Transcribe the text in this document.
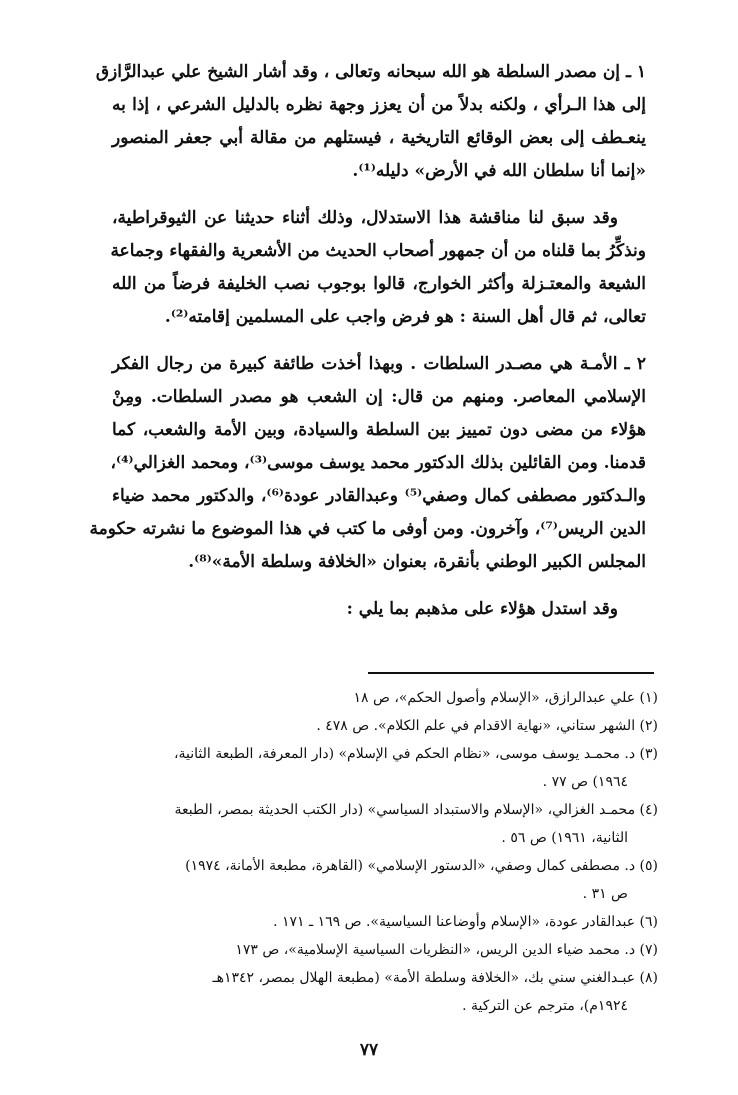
١ ـ إن مصدر السلطة هو الله سبحانه وتعالى ، وقد أشار الشيخ علي عبدالرَّازق
إلى هذا الـرأي ، ولكنه بدلاً من أن يعزز وجهة نظره بالدليل الشرعي ، إذا به
ينعـطف إلى بعض الوقائع التاريخية ، فيستلهم من مقالة أبي جعفر المنصور
«إنما أنا سلطان الله في الأرض» دليله⁽¹⁾.
وقد سبق لنا مناقشة هذا الاستدلال، وذلك أثناء حديثنا عن الثيوقراطية،
ونذكِّرُ بما قلناه من أن جمهور أصحاب الحديث من الأشعرية والفقهاء وجماعة
الشيعة والمعتـزلة وأكثر الخوارج، قالوا بوجوب نصب الخليفة فرضاً من الله
تعالى، ثم قال أهل السنة : هو فرض واجب على المسلمين إقامته⁽²⁾.
٢ ـ الأمـة هي مصـدر السلطات . وبهذا أخذت طائفة كبيرة من رجال الفكر
الإسلامي المعاصر. ومنهم من قال: إن الشعب هو مصدر السلطات. ومِنْ
هؤلاء من مضى دون تمييز بين السلطة والسيادة، وبين الأمة والشعب، كما
قدمنا. ومن القائلين بذلك الدكتور محمد يوسف موسى⁽³⁾، ومحمد الغزالي⁽⁴⁾،
والـدكتور مصطفى كمال وصفي⁽⁵⁾ وعبدالقادر عودة⁽⁶⁾، والدكتور محمد ضياء
الدين الريس⁽⁷⁾، وآخرون. ومن أوفى ما كتب في هذا الموضوع ما نشرته حكومة
المجلس الكبير الوطني بأنقرة، بعنوان «الخلافة وسلطة الأمة»⁽⁸⁾.
وقد استدل هؤلاء على مذهبم بما يلي :
(١) علي عبدالرازق، «الإسلام وأصول الحكم»، ص ١٨
(٢) الشهر ستاني، «نهاية الاقدام في علم الكلام». ص ٤٧٨ .
(٣) د. محمـد يوسف موسى، «نظام الحكم في الإسلام» (دار المعرفة، الطبعة الثانية،
١٩٦٤) ص ٧٧ .
(٤) محمـد الغزالي، «الإسلام والاستبداد السياسي» (دار الكتب الحديثة بمصر، الطبعة
الثانية، ١٩٦١) ص ٥٦ .
(٥) د. مصطفى كمال وصفي، «الدستور الإسلامي» (القاهرة، مطبعة الأمانة، ١٩٧٤)
ص ٣١ .
(٦) عبدالقادر عودة، «الإسلام وأوضاعنا السياسية». ص ١٦٩ ـ ١٧١ .
(٧) د. محمد ضياء الدين الريس، «النظريات السياسية الإسلامية»، ص ١٧٣
(٨) عبـدالغني سني بك، «الخلافة وسلطة الأمة» (مطبعة الهلال بمصر، ١٣٤٢هـ
١٩٢٤م)، مترجم عن التركية .
٧٧
